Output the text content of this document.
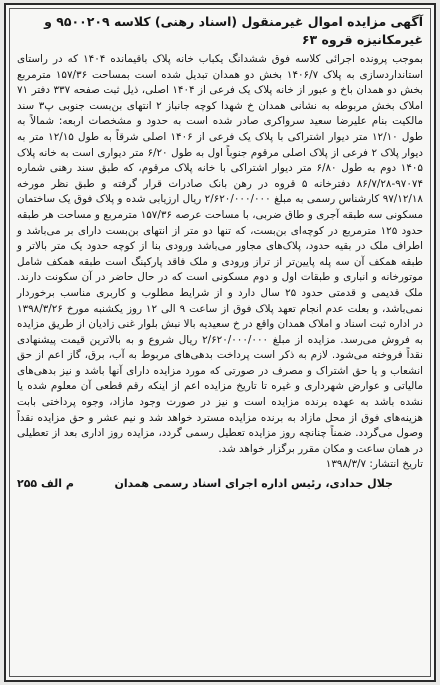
آگهی مزایده اموال غیرمنقول (اسناد رهنی) کلاسه ۹۵۰۰۲۰۹ و غیرمکانیزه قروه ۶۳

بموجب پرونده اجرائی کلاسه فوق ششدانگ یکباب خانه پلاک باقیمانده ۱۴۰۴ که در راستای استانداردسازی به پلاک ۱۴۰۶/۷ بخش دو همدان تبدیل شده است بمساحت ۱۵۷/۳۶ مترمربع بخش دو همدان باخ و عبور از خانه پلاک یک فرعی از ۱۴۰۴ اصلی، ذیل ثبت صفحه ۳۳۷ دفتر ۷۱ املاک بخش مربوطه به نشانی همدان خ شهدا کوچه جانباز ۲ انتهای بن‌بست جنوبی پ۳ سند مالکیت بنام علیرضا سعید سرواکری صادر شده است به حدود و مشخصات اربعه: شمالاً به طول ۱۲/۱۰ متر دیوار اشتراکی با پلاک یک فرعی از ۱۴۰۶ اصلی شرقاً به طول ۱۲/۱۵ متر به دیوار پلاک ۲ فرعی از پلاک اصلی مرقوم جنوباً اول به طول ۶/۲۰ متر دیواری است به خانه پلاک ۱۴۰۵ دوم به طول ۶/۸۰ متر دیوار اشتراکی با خانه پلاک مرقوم، که طبق سند رهنی شماره ۹۷۰۷۴-۸۶/۷/۲۸ دفترخانه ۵ قروه در رهن بانک صادرات قرار گرفته و طبق نظر مورخه ۹۷/۱۲/۱۸ کارشناس رسمی به مبلغ ۲/۶۲۰/۰۰۰/۰۰۰ ریال ارزیابی شده و پلاک فوق یک ساختمان مسکونی سه طبقه آجری و طاق ضربی، با مساحت عرصه ۱۵۷/۳۶ مترمربع و مساحت هر طبقه حدود ۱۲۵ مترمربع در کوچه‌ای بن‌بست، که تنها دو متر از انتهای بن‌بست دارای بر می‌باشد و اطراف ملک در بقیه حدود، پلاک‌های مجاور می‌باشد ورودی بنا از کوچه حدود یک متر بالاتر و طبقه همکف آن سه پله پایین‌تر از تراز ورودی و ملک فاقد پارکینگ است طبقه همکف شامل موتورخانه و انباری و طبقات اول و دوم مسکونی است که در حال حاضر در آن سکونت دارند. ملک قدیمی و قدمتی حدود ۲۵ سال دارد و از شرایط مطلوب و کاربری مناسب برخوردار نمی‌باشد، و بعلت عدم انجام تعهد پلاک فوق از ساعت ۹ الی ۱۲ روز یکشنبه مورخ ۱۳۹۸/۳/۲۶ در اداره ثبت اسناد و املاک همدان واقع در خ سعیدیه بالا نبش بلوار غنی زادیان از طریق مزایده به فروش می‌رسد. مزایده از مبلغ ۲/۶۲۰/۰۰۰/۰۰۰ ریال شروع و به بالاترین قیمت پیشنهادی نقداً فروخته می‌شود. لازم به ذکر است پرداخت بدهی‌های مربوط به آب، برق، گاز اعم از حق انشعاب و یا حق اشتراک و مصرف در صورتی که مورد مزایده دارای آنها باشد و نیز بدهی‌های مالیاتی و عوارض شهرداری و غیره تا تاریخ مزایده اعم از اینکه رقم قطعی آن معلوم شده یا نشده باشد به عهده برنده مزایده است و نیز در صورت وجود مازاد، وجوه پرداختی بابت هزینه‌های فوق از محل مازاد به برنده مزایده مسترد خواهد شد و نیم عشر و حق مزایده نقداً وصول می‌گردد. ضمناً چنانچه روز مزایده تعطیل رسمی گردد، مزایده روز اداری بعد از تعطیلی در همان ساعت و مکان مقرر برگزار خواهد شد.

تاریخ انتشار: ۱۳۹۸/۳/۷

جلال حدادی، رئیس اداره اجرای اسناد رسمی همدان
م الف ۲۵۵
